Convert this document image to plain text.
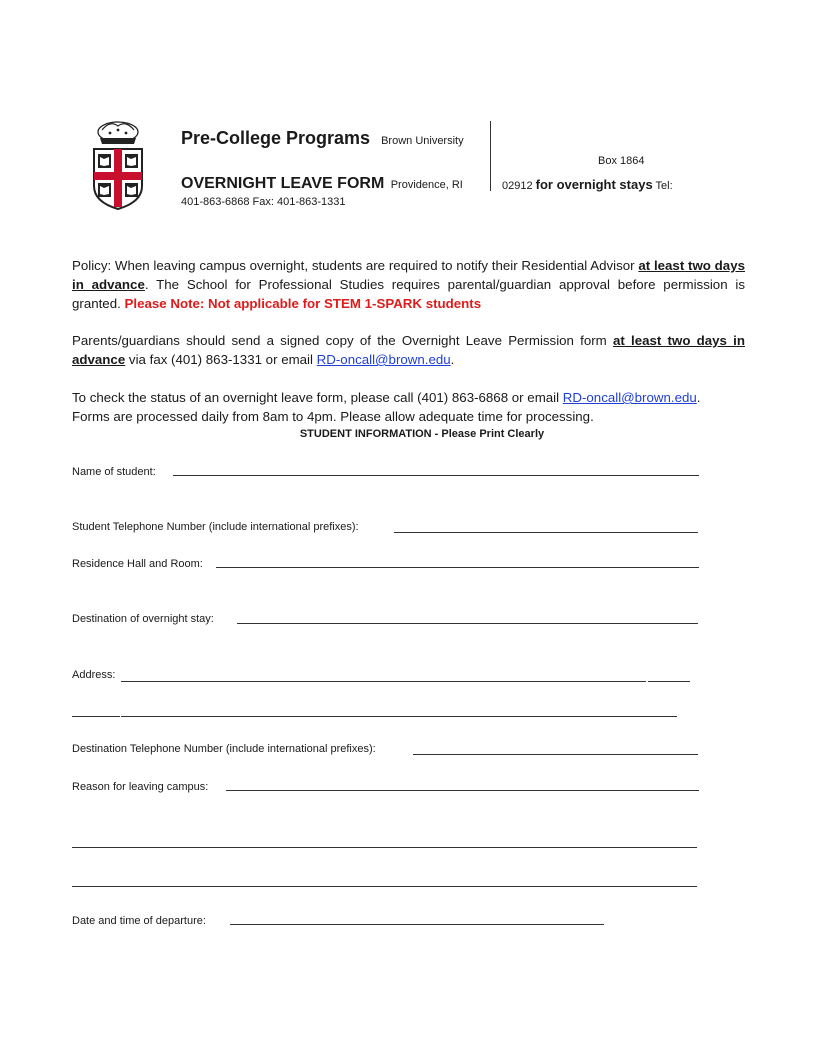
Pre-College Programs Brown University
OVERNIGHT LEAVE FORM Providence, RI
401-863-6868 Fax: 401-863-1331
Box 1864
02912 for overnight stays Tel:
Policy: When leaving campus overnight, students are required to notify their Residential Advisor at least two days in advance. The School for Professional Studies requires parental/guardian approval before permission is granted. Please Note: Not applicable for STEM 1-SPARK students
Parents/guardians should send a signed copy of the Overnight Leave Permission form at least two days in advance via fax (401) 863-1331 or email RD-oncall@brown.edu.
To check the status of an overnight leave form, please call (401) 863-6868 or email RD-oncall@brown.edu.
Forms are processed daily from 8am to 4pm. Please allow adequate time for processing.
STUDENT INFORMATION - Please Print Clearly
Name of student:
Student Telephone Number (include international prefixes):
Residence Hall and Room:
Destination of overnight stay:
Address:
Destination Telephone Number (include international prefixes):
Reason for leaving campus:
Date and time of departure:
